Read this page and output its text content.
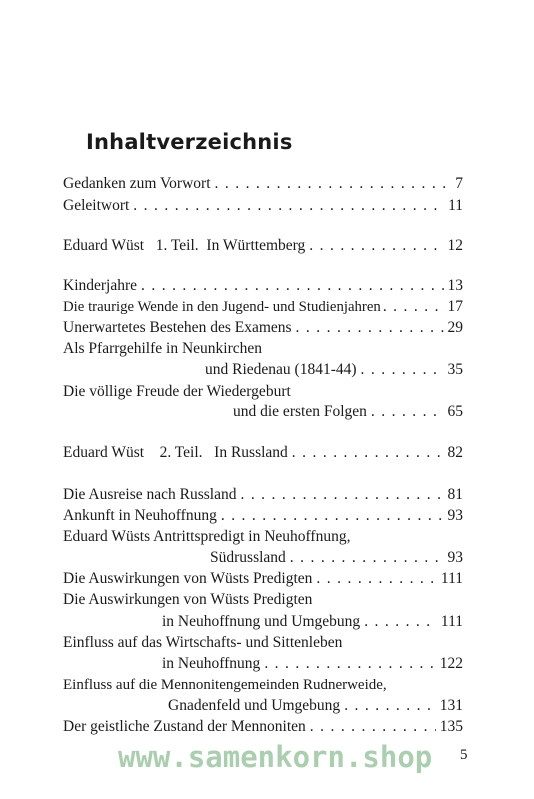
Inhaltverzeichnis
Gedanken zum Vorwort . . .	7
Geleitwort . . .	11
Eduard Wüst   1. Teil.  In Württemberg . . .	12
Kinderjahre . . .	13
Die traurige Wende in den Jugend- und Studienjahren . . .	17
Unerwartetes Bestehen des Examens . . .	29
Als Pfarrgehilfe in Neunkirchen
und Riedenau (1841-44) . . .	35
Die völlige Freude der Wiedergeburt
und die ersten Folgen . . .	65
Eduard Wüst    2. Teil.   In Russland . . .	82
Die Ausreise nach Russland . . .	81
Ankunft in Neuhoffnung . . .	93
Eduard Wüsts Antrittspredigt in Neuhoffnung,
Südrussland . . .	93
Die Auswirkungen von Wüsts Predigten . . .	111
Die Auswirkungen von Wüsts Predigten
in Neuhoffnung und Umgebung . . .	111
Einfluss auf das Wirtschafts- und Sittenleben
in Neuhoffnung . . .	122
Einfluss auf die Mennonitengemeinden Rudnerweide,
Gnadenfeld und Umgebung . . .	131
Der geistliche Zustand der Mennoniten . . .	135
www.samenkorn.shop 5
